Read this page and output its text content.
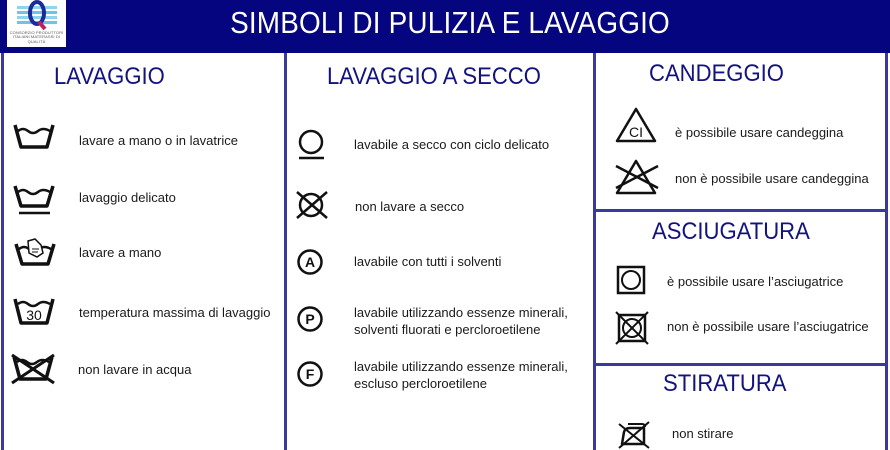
CONSORZIO PRODUTTORI ITALIANI MATERASSI DI QUALITÀ
SIMBOLI DI PULIZIA E LAVAGGIO
LAVAGGIO
lavare a mano o in lavatrice
lavaggio delicato
lavare a mano
30	temperatura massima di lavaggio
non lavare in acqua
LAVAGGIO A SECCO
lavabile a secco con ciclo delicato
non lavare a secco
A	lavabile con tutti i solventi
P	lavabile utilizzando essenze minerali,
solventi fluorati e percloroetilene
F	lavabile utilizzando essenze minerali,
escluso percloroetilene
CANDEGGIO
CI è possibile usare candeggina
non è possibile usare candeggina
ASCIUGATURA
è possibile usare l’asciugatrice
non è possibile usare l’asciugatrice
STIRATURA
non stirare
